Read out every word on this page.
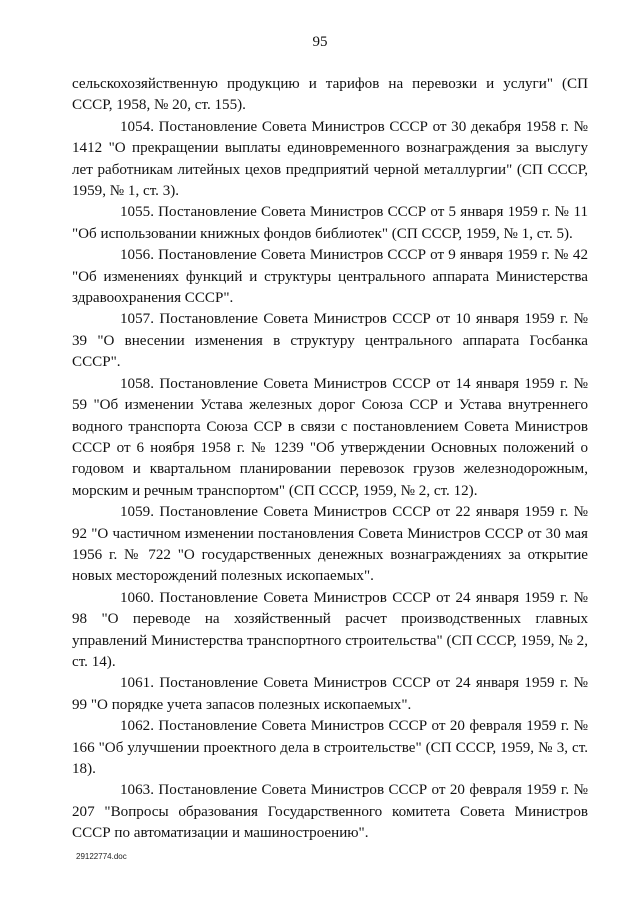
95

сельскохозяйственную продукцию и тарифов на перевозки и услуги" (СП СССР, 1958, № 20, ст. 155).

1054. Постановление Совета Министров СССР от 30 декабря 1958 г. № 1412 "О прекращении выплаты единовременного вознаграждения за выслугу лет работникам литейных цехов предприятий черной металлургии" (СП СССР, 1959, № 1, ст. 3).

1055. Постановление Совета Министров СССР от 5 января 1959 г. № 11 "Об использовании книжных фондов библиотек" (СП СССР, 1959, № 1, ст. 5).

1056. Постановление Совета Министров СССР от 9 января 1959 г. № 42 "Об изменениях функций и структуры центрального аппарата Министерства здравоохранения СССР".

1057. Постановление Совета Министров СССР от 10 января 1959 г. № 39 "О внесении изменения в структуру центрального аппарата Госбанка СССР".

1058. Постановление Совета Министров СССР от 14 января 1959 г. № 59 "Об изменении Устава железных дорог Союза ССР и Устава внутреннего водного транспорта Союза ССР в связи с постановлением Совета Министров СССР от 6 ноября 1958 г. № 1239 "Об утверждении Основных положений о годовом и квартальном планировании перевозок грузов железнодорожным, морским и речным транспортом" (СП СССР, 1959, № 2, ст. 12).

1059. Постановление Совета Министров СССР от 22 января 1959 г. № 92 "О частичном изменении постановления Совета Министров СССР от 30 мая 1956 г. № 722 "О государственных денежных вознаграждениях за открытие новых месторождений полезных ископаемых".

1060. Постановление Совета Министров СССР от 24 января 1959 г. № 98 "О переводе на хозяйственный расчет производственных главных управлений Министерства транспортного строительства" (СП СССР, 1959, № 2, ст. 14).

1061. Постановление Совета Министров СССР от 24 января 1959 г. № 99 "О порядке учета запасов полезных ископаемых".

1062. Постановление Совета Министров СССР от 20 февраля 1959 г. № 166 "Об улучшении проектного дела в строительстве" (СП СССР, 1959, № 3, ст. 18).

1063. Постановление Совета Министров СССР от 20 февраля 1959 г. № 207 "Вопросы образования Государственного комитета Совета Министров СССР по автоматизации и машиностроению".

29122774.doc
